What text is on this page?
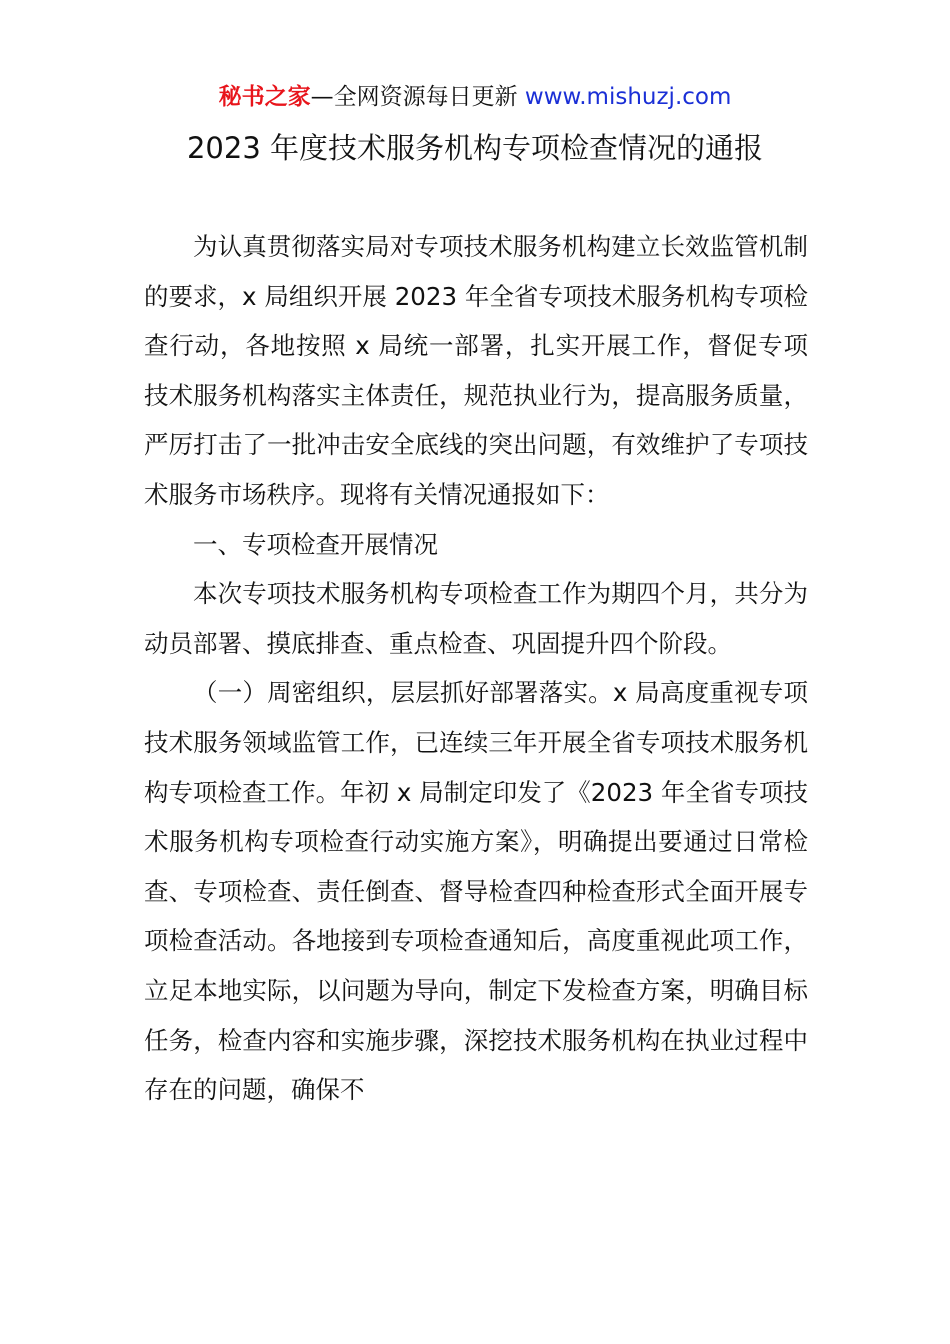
秘书之家—全网资源每日更新 www.mishuzj.com
2023 年度技术服务机构专项检查情况的通报

为认真贯彻落实局对专项技术服务机构建立长效监管机制的要求，x 局组织开展 2023 年全省专项技术服务机构专项检查行动，各地按照 x 局统一部署，扎实开展工作，督促专项技术服务机构落实主体责任，规范执业行为，提高服务质量，严厉打击了一批冲击安全底线的突出问题，有效维护了专项技术服务市场秩序。现将有关情况通报如下：

一、专项检查开展情况

本次专项技术服务机构专项检查工作为期四个月，共分为动员部署、摸底排查、重点检查、巩固提升四个阶段。

（一）周密组织，层层抓好部署落实。x 局高度重视专项技术服务领域监管工作，已连续三年开展全省专项技术服务机构专项检查工作。年初 x 局制定印发了《2023 年全省专项技术服务机构专项检查行动实施方案》，明确提出要通过日常检查、专项检查、责任倒查、督导检查四种检查形式全面开展专项检查活动。各地接到专项检查通知后，高度重视此项工作，立足本地实际，以问题为导向，制定下发检查方案，明确目标任务，检查内容和实施步骤，深挖技术服务机构在执业过程中存在的问题，确保不
